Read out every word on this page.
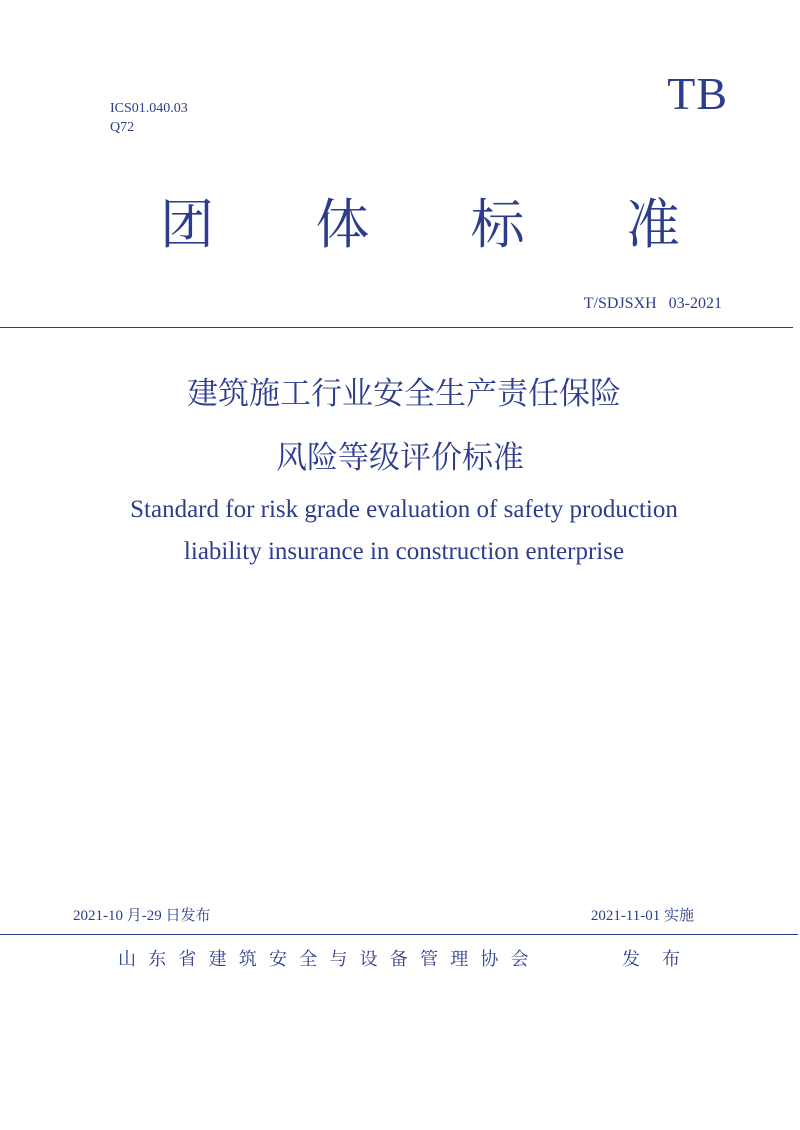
ICS01.040.03
Q72
TB
团 体 标 准
T/SDJSXH   03-2021
建筑施工行业安全生产责任保险
风险等级评价标准
Standard for risk grade evaluation of safety production
liability insurance in construction enterprise
2021-10 月-29 日发布	2021-11-01 实施
山东省建筑安全与设备管理协会	发布
